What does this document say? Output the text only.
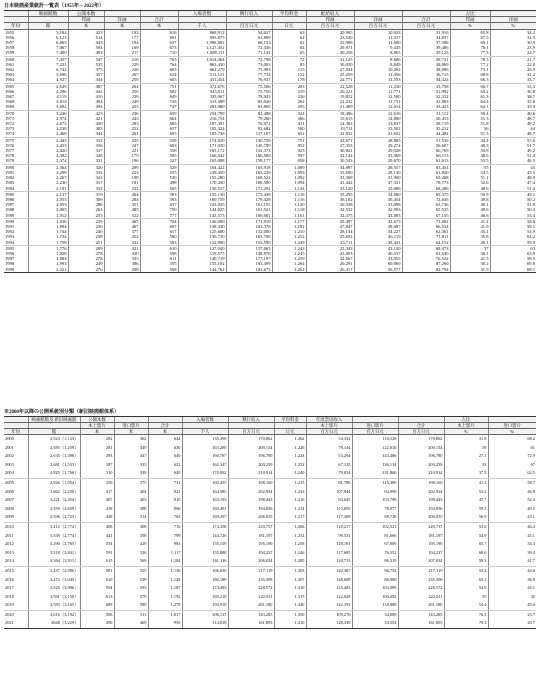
日本映画産業統計一覧表（1955年－2022年）
	映画館数	公開本数			入場者数	興行収入	平均料金	配給収入			占比	
		邦画	洋画	合計				邦画	洋画	合計	邦画	洋画
年份	館	本	本	本	千人	百万日元	日元	百万日元	百万日元	百万日元	%	%
1955	5,184	423	193	616	868,912	54,657	63	20,995	10,923	31,916	65.8	34.2
1956	6,123	514	177	691	993,875	61,899	62	23,520	11,317	34,837	67.5	32.5
1957	6,865	443	194	637	1,098,882	68,153	62	25,988	11,600	37,588	69.1	30.9
1958	7,067	504	169	673	1,127,452	72,346	64	29,971	9,435	39,406	76.1	23.9
1959	7,400	493	217	710	1,088,111	71,141	65	30,258	8,865	39,123	77.3	22.7
1960	7,457	547	216	763	1,014,364	72,798	72	31,125	8,606	39,731	78.3	21.7
1961	7,231	535	229	764	863,430	73,003	85	30,020	8,849	38,869	77.2	22.8
1962	6,742	375	228	603	662,279	75,983	115	27,834	10,262	38,096	73.1	26.9
1963	5,696	357	267	624	511,121	77,734	152	25,259	11,456	36,715	68.8	31.2
1964	4,927	344	259	603	431,454	76,937	178	22,771	11,553	34,324	66.3	33.7
1965	4,649	487	264	751	372,676	75,506	203	22,528	11,230	33,758	66.7	33.3
1966	4,296	442	250	692	345,811	75,750	219	20,221	11,771	31,992	63.2	36.8
1967	4,119	410	239	649	335,067	78,943	236	19,812	12,500	32,312	61.3	38.7
1968	3,814	494	249	743	313,398	82,020	262	21,232	11,731	32,963	64.4	35.6
1969	3,602	494	253	747	283,980	83,805	295	21,409	12,014	33,423	64.1	35.9
1970	3,246	423	236	659	254,799	82,488	324	18,496	12,616	31,112	59.4	40.6
1971	2,974	421	243	664	216,754	79,260	366	15,613	14,800	30,413	51.3	48.7
1972	2,673	400	283	683	187,391	76,971	411	14,382	13,837	28,719	51.8	48.2
1973	2,530	405	252	657	185,324	92,682	500	19,711	15,501	35,212	56	44
1974	2,468	344	261	605	185,738	117,107	631	22,832	21,652	44,484	51.3	48.7
1975	2,443	333	225	558	174,020	130,750	751	22,671	28,865	51,536	44.4	55.6
1976	2,453	356	247	603	171,020	145,709	852	27,333	29,274	56,607	48.3	51.7
1977	2,420	337	221	558	165,172	152,373	923	30,841	29,928	60,769	50.8	49.2
1978	2,392	326	179	505	166,042	166,509	997	32,144	33,969	66,113	48.6	51.4
1979	2,374	331	196	527	165,088	158,177	958	30,543	29,670	61,613	53.5	46.5
1980	2,364	320	209	529	164,422	165,918	1,009	34,897	28,557	63,454	55	45
1981	2,298	332	223	555	149,450	163,239	1,093	33,690	28,130	61,820	54.5	45.5
1982	2,267	322	198	520	155,280	169,522	1,092	33,368	31,900	65,268	51.1	48.9
1983	2,230	317	181	498	170,430	186,500	1,094	41,442	37,331	78,773	52.6	47.4
1984	2,191	333	232	565	150,527	172,202	1,144	33,120	35,086	68,206	48.6	51.4
1985	2,137	319	264	583	155,130	173,438	1,118	35,295	34,080	69,375	50.9	49.1
1986	2,053	309	284	593	160,759	179,428	1,116	36,182	36,454	72,636	49.8	50.2
1987	2,053	286	351	637	143,935	161,155	1,120	30,338	33,098	63,736	48.1	51.9
1988	2,005	263	485	750	144,825	161,921	1,118	32,532	32,993	65,525	49.6	50.4
1989	1,912	255	522	777	143,573	166,681	1,161	32,375	33,883	67,155	46.6	53.4
1990	1,836	239	465	704	146,000	171,910	1,177	29,497	41,675	71,082	41.4	58.6
1991	1,804	230	467	697	138,330	163,378	1,181	27,847	38,687	66,534	41.9	58.1
1992	1,744	240	377	617	125,600	152,000	1,210	28,134	34,227	62,361	45.1	54.9
1993	1,734	238	352	590	130,720	163,700	1,252	25,692	46,119	71,811	35.8	64.2
1994	1,758	251	332	583	122,990	153,590	1,249	25,711	38,441	64,152	40.1	59.9
1995	1,776	289	321	610	127,040	157,865	1,243	25,343	43,130	68,473	37	63
1996	1,828	278	320	598	119,575	148,870	1,245	23,003	40,537	63,540	36.1	63.9
1997	1,884	278	333	611	140,719	177,197	1,259	32,567	43,955	76,522	41.5	58.5
1998	1,993	249	306	555	153,102	193,499	1,264	26,291	60,969	87,260	30.2	69.8
1999	2,221	270	298	568	144,762	182,673	1,262	26,417	56,577	82,794	31.9	68.1
※2000年以降の公開系統別分類（新旧映画館体系）
	映画館数及 新旧映画館	公開本数			入場者数	興行収入	平均料金	年度票房收入			占比	
		本土影片	进口影片	合计				本土影片	进口影片	合计	本土影片	进口影片
年份	館	本	本	本	千人	百万日元	日元	百万日元	百万日元	百万日元	%	%
2000	2,524（1,123）	282	362	644	135,390	170,862	1,262	54,334	116,528	170,862	31.8	68.2
2001	2,585（1,259）	281	349	630	163,280	200,154	1,226	78,144	122,010	200,154	39	61
2002	2,635（1,396）	293	347	640	160,767	196,780	1,224	53,294	143,486	196,780	27.1	72.9
2003	2,681（1,533）	287	335	622	162,347	203,259	1,252	67,125	136,134	203,259	33	67
2004	2,825（1,766）	310	339	649	170,092	210,914	1,240	79,054	131,860	210,914	37.5	62.5
2005	2,926（1,954）	356	375	731	160,453	198,160	1,235	81,780	116,380	198,160	41.3	58.7
2006	3,062（2,230）	417	404	821	164,585	202,934	1,233	107,944	94,990	202,934	53.2	46.8
2007	3,221（2,454）	407	403	810	163,193	198,443	1,216	94,645	103,798	198,443	47.7	52.3
2008	3,359（2,659）	418	388	806	160,491	194,836	1,214	115,859	78,977	194,836	59.5	40.5
2009	3,396（2,723）	448	314	762	169,297	206,035	1,217	117,309	88,726	206,035	56.9	43.1
2010	3,412（2,774）	408	308	716	174,358	220,737	1,266	118,217	102,521	220,737	53.6	46.4
2011	3,339（2,774）	441	358	799	144,726	181,197	1,252	99,531	81,666	181,197	54.9	45.1
2012	3,290（2,765）	554	429	983	155,159	195,190	1,258	128,181	67,009	195,190	65.7	34.3
2013	3,318（2,831）	591	526	1,117	155,888	194,237	1,246	117,685	76,552	194,237	60.6	39.4
2014	3,364（2,911）	615	569	1,184	161,116	206,034	1,285	120,715	86,319	207,034	58.3	41.7
2015	3,437（2,996）	581	555	1,136	166,630	217,119	1,303	120,367	96,752	217,119	55.4	44.6
2016	3,472（3,045）	610	539	1,149	180,189	235,508	1,307	148,608	86,900	235,508	63.1	36.9
2017	3,525（3,096）	594	593	1,187	174,483	228,572	1,310	125,483	103,089	228,572	54.9	45.1
2018	3,561（3,150）	613	579	1,192	169,210	222,011	1,315	122,029	100,482	222,011	55	45
2019	3,583（3,165）	689	589	1,278	194,910	261,180	1,340	142,192	118,988	261,180	54.4	45.6
2020	3,616（3,192）	506	511	1,017	106,137	143,285	1,350	109,276	34,009	143,285	76.3	23.7
2021	3648（3,229）	490	469	959	114,818	161,893	1,410	128,339	33,554	161,893	79.3	20.7
